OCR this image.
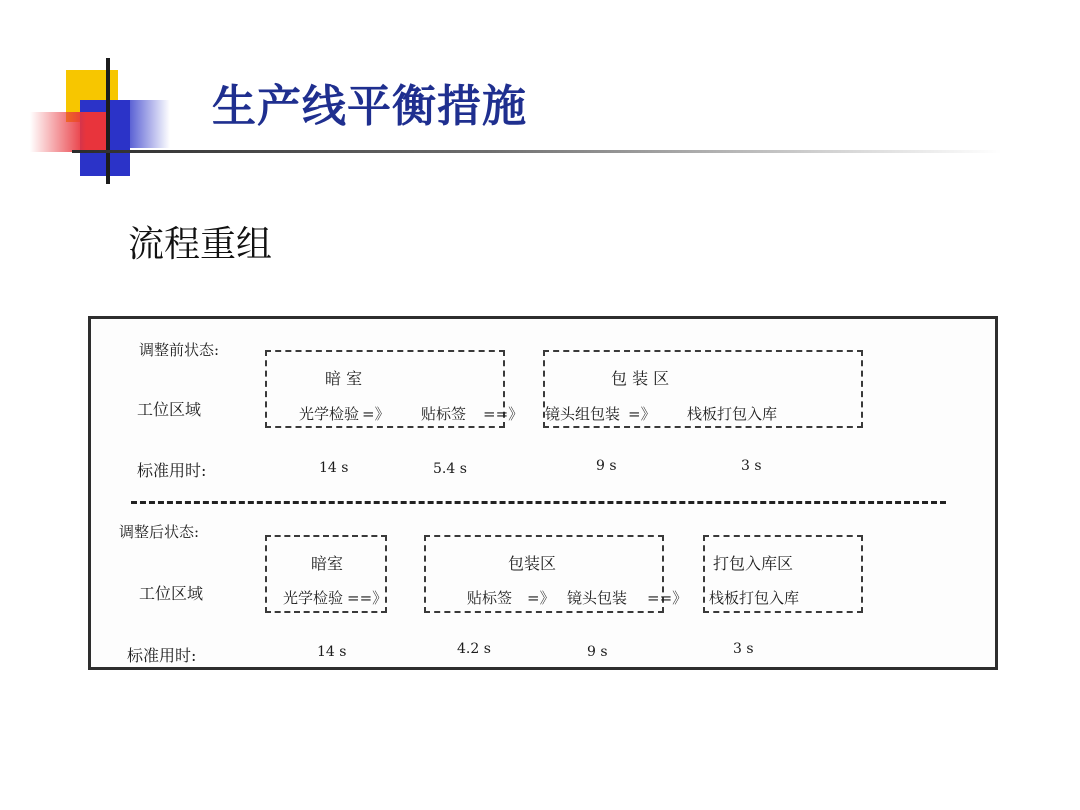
生产线平衡措施
流程重组
调整前状态:
工位区域
标准用时:
暗 室	包 装 区
光学检验 =》 贴标签 ==》 镜头组包装 =》 栈板打包入库
14 s	5.4 s	9 s	3 s
调整后状态:
工位区域
标准用时:
暗室	包装区	打包入库区
光学检验 ==》	贴标签 =》 镜头包装 ==》 栈板打包入库
14 s	4.2 s	9 s	3 s
